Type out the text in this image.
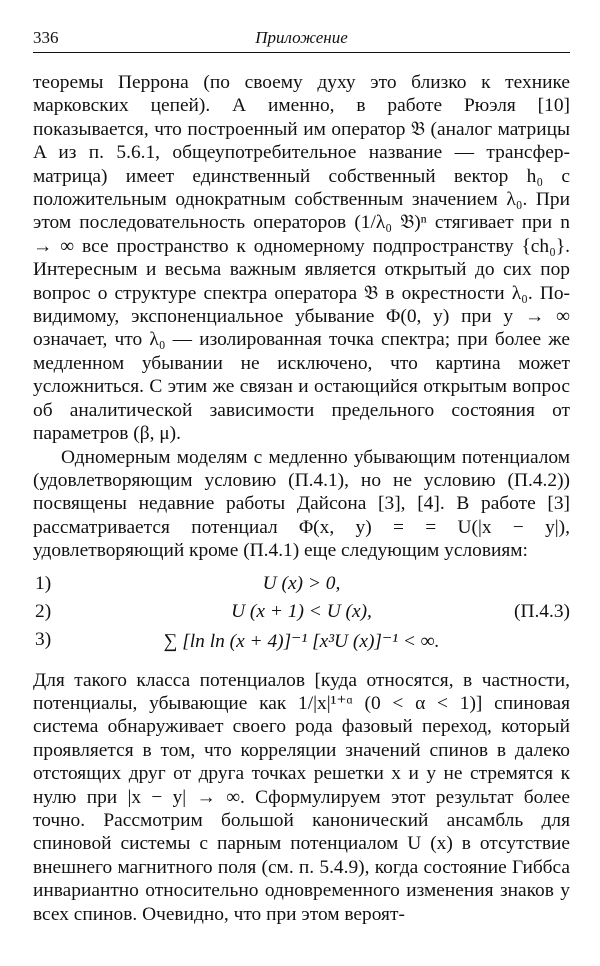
336	Приложение

теоремы Перрона (по своему духу это близко к технике марковских цепей). А именно, в работе Рюэля [10] показывается, что построенный им оператор 𝔅 (аналог матрицы A из п. 5.6.1, общеупотребительное название — трансфер-матрица) имеет единственный собственный вектор h₀ с положительным однократным собственным значением λ₀. При этом последовательность операторов (1/λ₀ 𝔅)ⁿ стягивает при n → ∞ все пространство к одномерному подпространству {ch₀}. Интересным и весьма важным является открытый до сих пор вопрос о структуре спектра оператора 𝔅 в окрестности λ₀. По-видимому, экспоненциальное убывание Φ(0, y) при y → ∞ означает, что λ₀ — изолированная точка спектра; при более же медленном убывании не исключено, что картина может усложниться. С этим же связан и остающийся открытым вопрос об аналитической зависимости предельного состояния от параметров (β, μ).

Одномерным моделям с медленно убывающим потенциалом (удовлетворяющим условию (П.4.1), но не условию (П.4.2)) посвящены недавние работы Дайсона [3], [4]. В работе [3] рассматривается потенциал Φ(x, y) = = U(|x − y|), удовлетворяющий кроме (П.4.1) еще следующим условиям:

1)	U (x) > 0,
2)	U (x + 1) < U (x),	(П.4.3)
3)	∑ [ln ln (x + 4)]⁻¹ [x³U (x)]⁻¹ < ∞.

Для такого класса потенциалов [куда относятся, в частности, потенциалы, убывающие как 1/|x|¹⁺ᵅ (0 < α < 1)] спиновая система обнаруживает своего рода фазовый переход, который проявляется в том, что корреляции значений спинов в далеко отстоящих друг от друга точках решетки x и y не стремятся к нулю при |x − y| → ∞. Сформулируем этот результат более точно. Рассмотрим большой канонический ансамбль для спиновой системы с парным потенциалом U (x) в отсутствие внешнего магнитного поля (см. п. 5.4.9), когда состояние Гиббса инвариантно относительно одновременного изменения знаков у всех спинов. Очевидно, что при этом вероят-
